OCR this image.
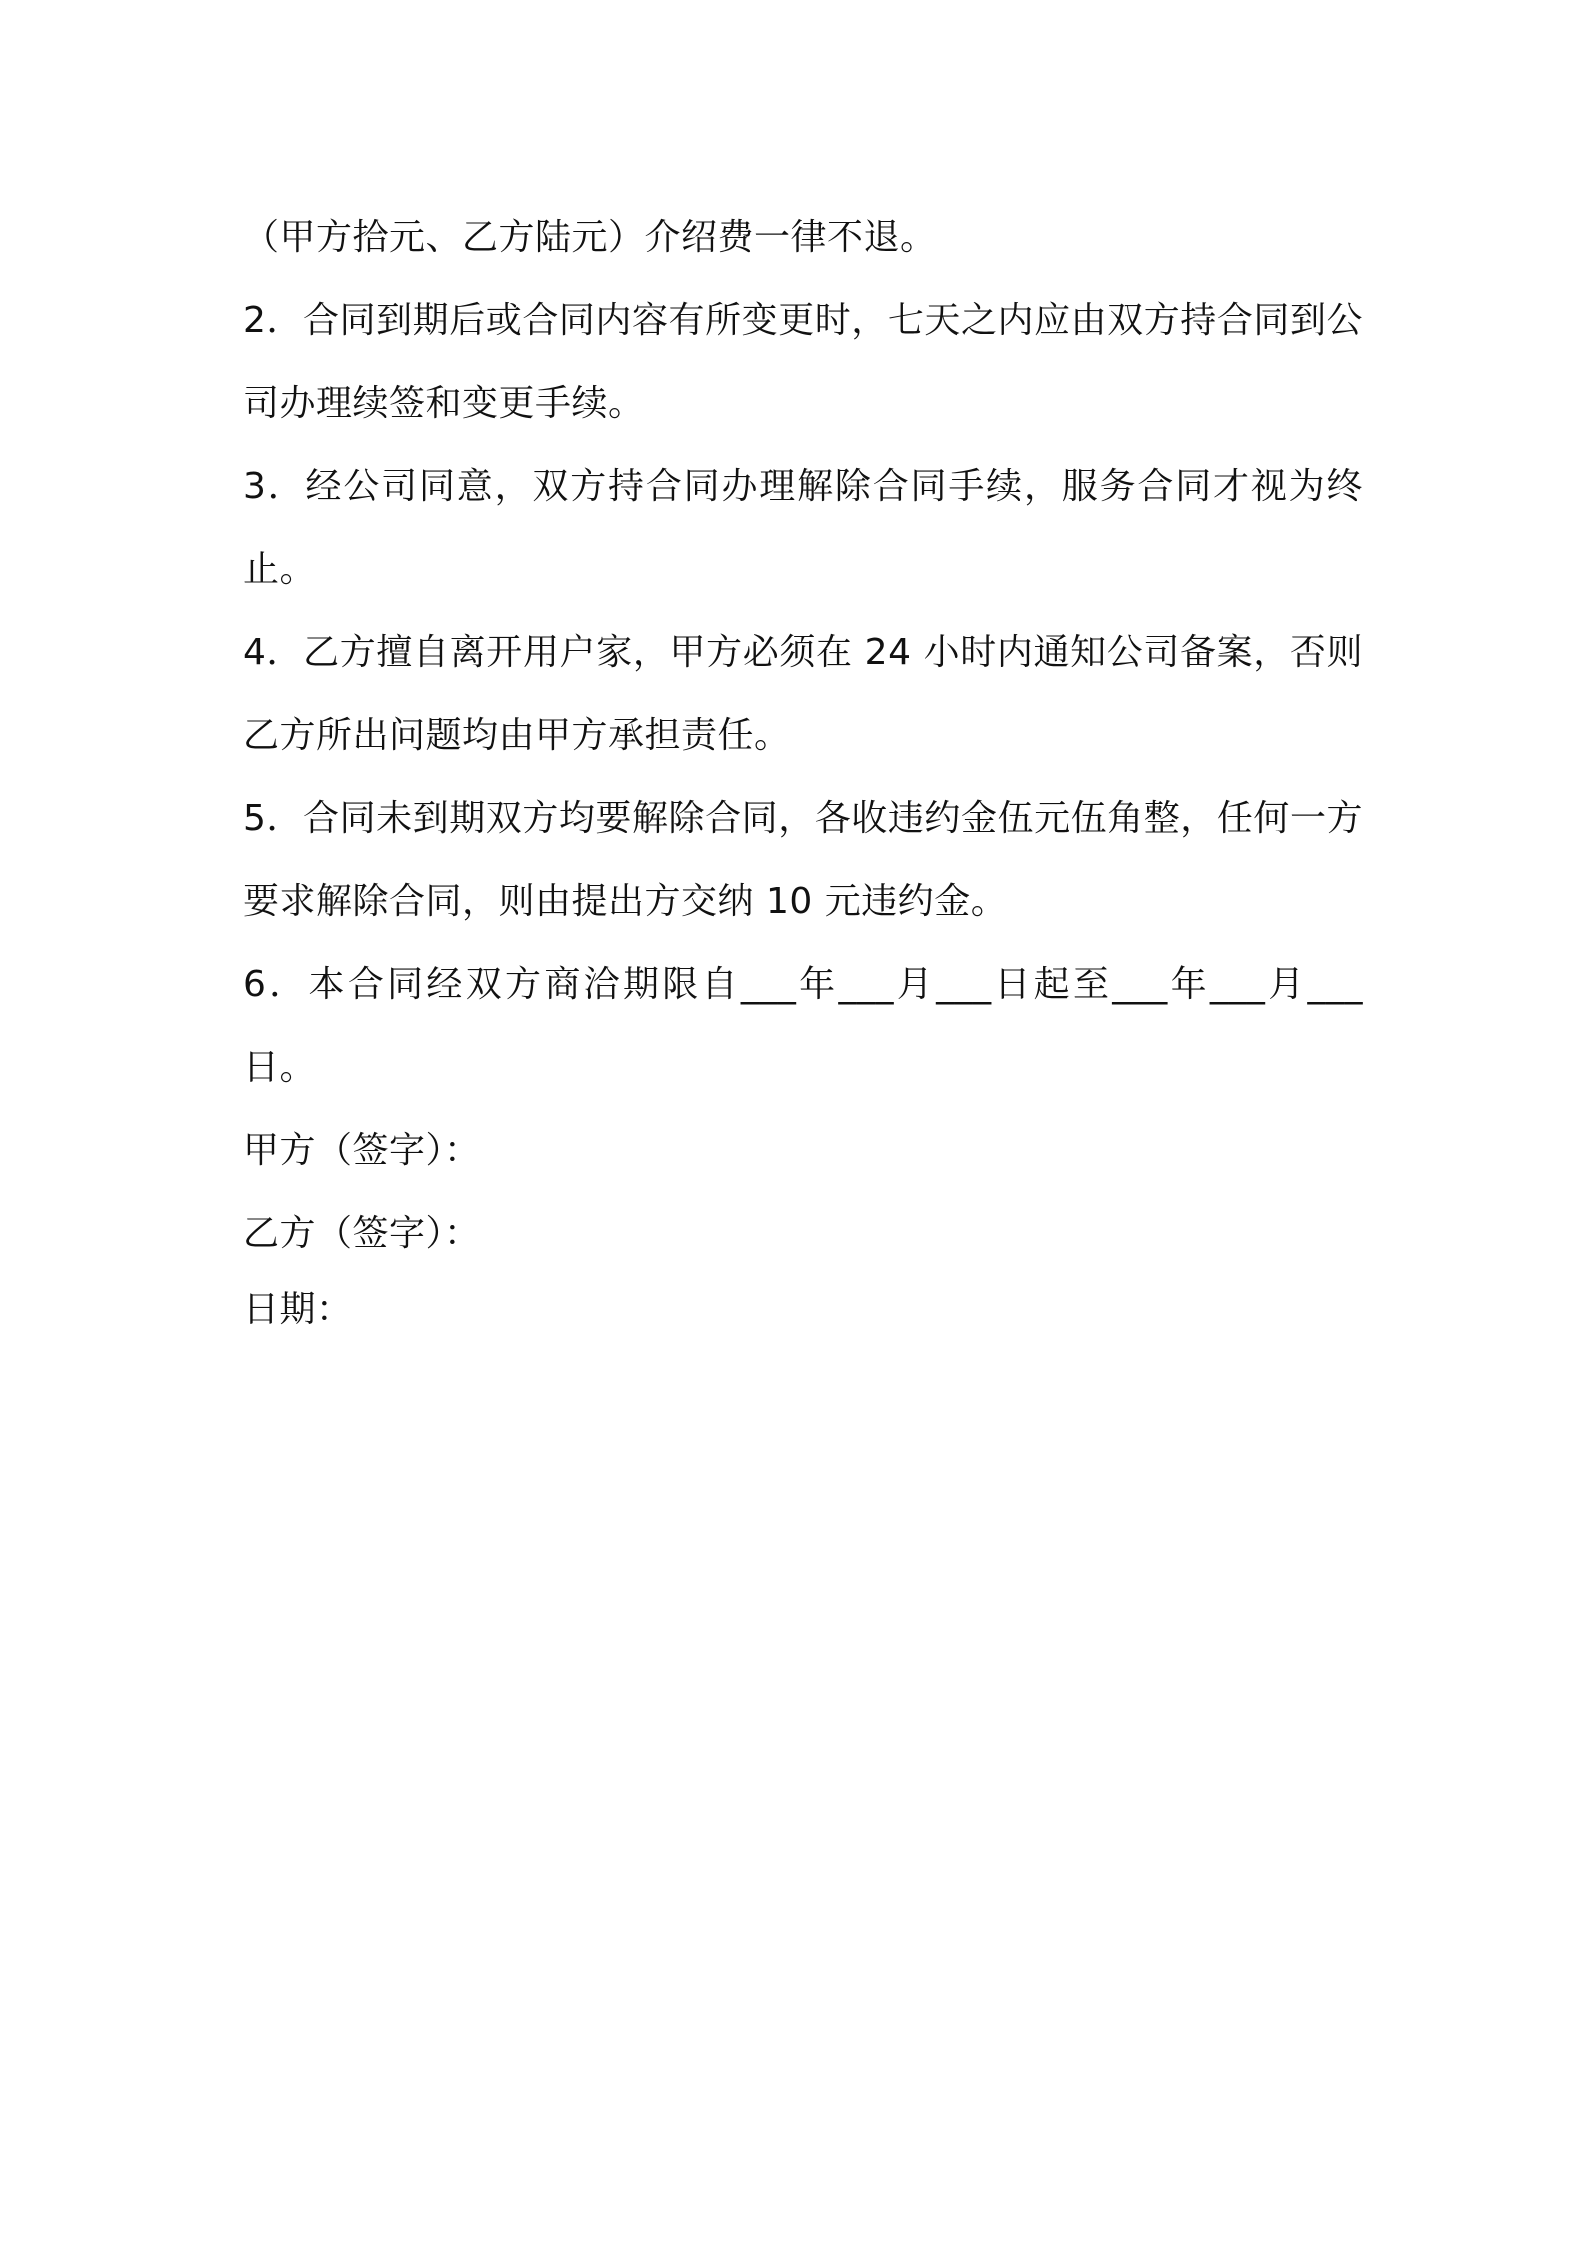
（甲方拾元、乙方陆元）介绍费一律不退。

2．合同到期后或合同内容有所变更时，七天之内应由双方持合同到公司办理续签和变更手续。

3．经公司同意，双方持合同办理解除合同手续，服务合同才视为终止。

4．乙方擅自离开用户家，甲方必须在 24 小时内通知公司备案，否则乙方所出问题均由甲方承担责任。

5．合同未到期双方均要解除合同，各收违约金伍元伍角整，任何一方要求解除合同，则由提出方交纳 10 元违约金。

6．本合同经双方商洽期限自___年___月___日起至___年___月___日。

甲方（签字）：

乙方（签字）：

日期：
